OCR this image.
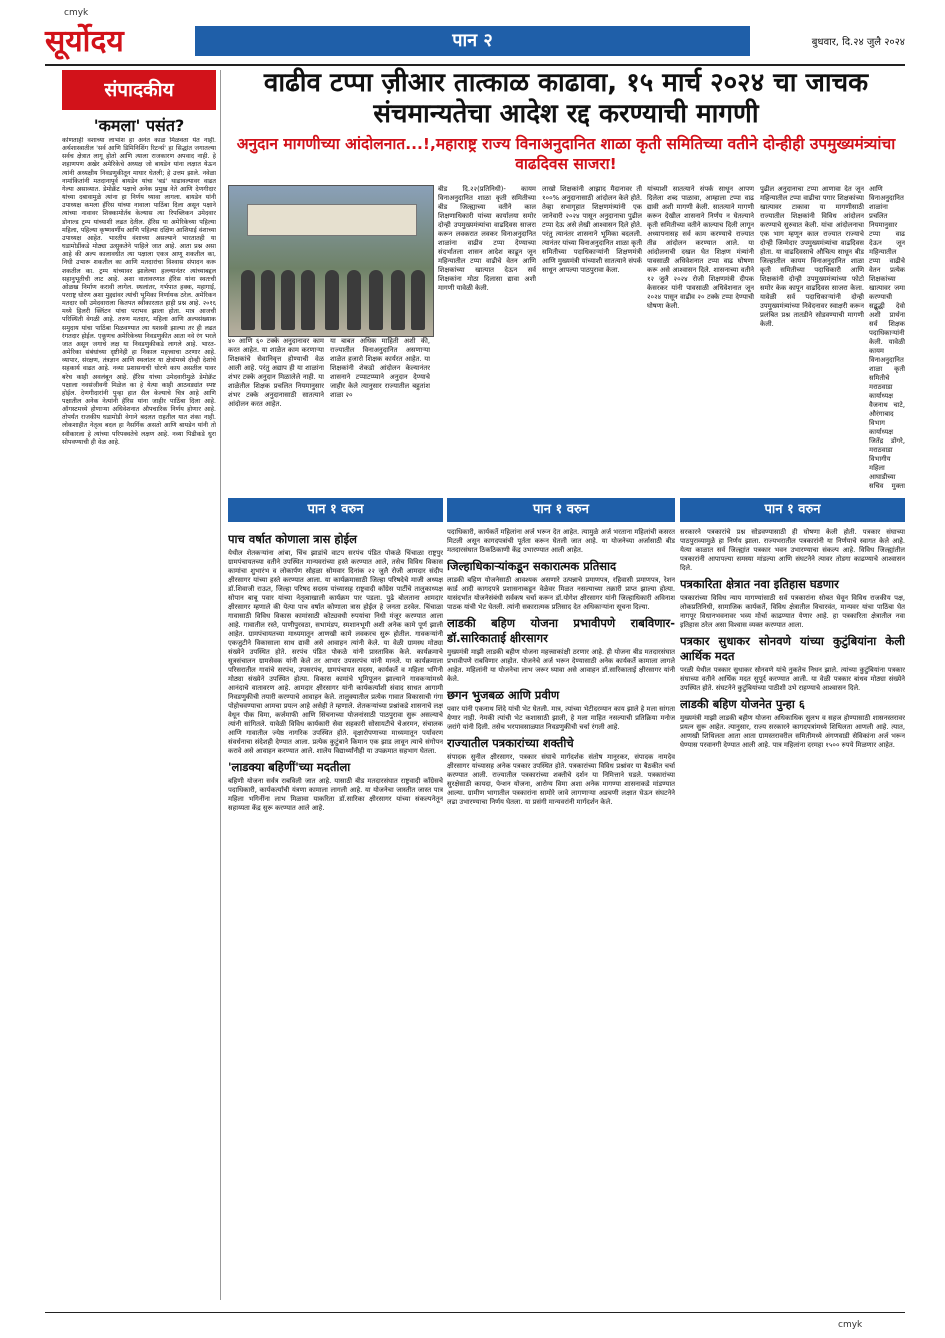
cmyk
सूर्योदय	पान २	बुधवार, दि.२४ जुलै २०२४
संपादकीय
'कमला' पसंत?
कोणताही वशाच्या लाभांश हा अनंत काळ मिळवता येत नाही. अर्थशास्त्रातील 'सर्व आणि डिमिनिशिंग रिटर्न्स' हा सिद्धांत जगातल्या सर्वच क्षेत्रात लागू होतो आणि त्याला राजकारण अपवाद नाही. हे शहाणपण अखेर अमेरिकेचे अध्यक्ष जो बायडेन यांना लक्षात येऊन त्यांनी अध्यक्षीय निवडणुकीतून माघार घेतली; हे उत्तम झाले. नवेळा नामांकितांनी मतदानापूर्व बायडेन यांचा 'बडं' थाढावल्यावर वाढत गेल्या असाव्यात. डेमोक्रॅट पक्षाचे अनेक प्रमुख नेते आणि देणगीदार यांच्या दबावामुळे त्यांना हा निर्णय घ्यावा लागला. बायडेन यांनी उपाध्यक्ष कमला हॅरिस यांच्या नावाला पाठिंबा दिला असून पक्षाने त्यांच्या नावावर शिक्कामोर्तब केल्यास त्या रिपब्लिकन उमेदवार डोनाल्ड ट्रम्प यांच्याशी लढत देतील. हॅरिस या अमेरिकेच्या पहिल्या महिला, पहिल्या कृष्णवर्णीय आणि पहिल्या दक्षिण आशियाई वंशाच्या उपाध्यक्ष आहेत. भारतीय वंशाच्या असल्याने भारतातही या घडामोडींकडे मोठ्या उत्सुकतेने पाहिले जात आहे. आता प्रश्न असा आहे की अल्प कालावधीत त्या पक्षाला एकत्र आणू शकतील का, निधी उभारू शकतील का आणि मतदारांचा विश्वास संपादन करू शकतील का. ट्रम्प यांच्यावर झालेल्या हल्ल्यानंतर त्यांच्याबद्दल सहानुभूतीची लाट आहे. अशा वातावरणात हॅरिस यांना स्वतःची ओळख निर्माण करावी लागेल. स्थलांतर, गर्भपात हक्क, महागाई, परराष्ट्र धोरण अशा मुद्द्यांवर त्यांची भूमिका निर्णायक ठरेल. अमेरिकन मतदार स्त्री उमेदवाराला कितपत स्वीकारतात हाही प्रश्न आहे. २०१६ मध्ये हिलरी क्लिंटन यांचा पराभव झाला होता. मात्र आजची परिस्थिती वेगळी आहे. तरुण मतदार, महिला आणि अल्पसंख्याक समुदाय यांचा पाठिंबा मिळवण्यात त्या यशस्वी झाल्या तर ही लढत रंगतदार होईल. एकूणच अमेरिकेच्या निवडणुकीत आता नवे रंग भरले जात असून जगाचे लक्ष या निवडणुकीकडे लागले आहे. भारत-अमेरिका संबंधांच्या दृष्टीनेही हा निकाल महत्त्वाचा ठरणार आहे. व्यापार, संरक्षण, तंत्रज्ञान आणि स्थलांतर या क्षेत्रांमध्ये दोन्ही देशांचे सहकार्य वाढत आहे. नव्या प्रशासनाची धोरणे काय असतील यावर बरेच काही अवलंबून आहे. हॅरिस यांच्या उमेदवारीमुळे डेमोक्रॅट पक्षाला नवसंजीवनी मिळेल का हे येत्या काही आठवड्यांत स्पष्ट होईल. देणगीदारांनी पुन्हा हात सैल केल्याचे चित्र आहे आणि पक्षातील अनेक नेत्यांनी हॅरिस यांना जाहीर पाठिंबा दिला आहे. ऑगस्टमध्ये होणाऱ्या अधिवेशनात औपचारिक निर्णय होणार आहे. तोपर्यंत राजकीय घडामोडी वेगाने बदलत राहतील यात शंका नाही. लोकशाहीत नेतृत्व बदल हा नैसर्गिक असतो आणि बायडेन यांनी तो स्वीकारला हे त्यांच्या परिपक्वतेचे लक्षण आहे. नव्या पिढीकडे धुरा सोपवण्याची ही वेळ आहे.
वाढीव टप्पा ज़ीआर तात्काळ काढावा, १५ मार्च २०२४ चा जाचक संचमान्यतेचा आदेश रद्द करण्याची मागणी
अनुदान मागणीच्या आंदोलनात...!,महाराष्ट्र राज्य विनाअनुदानित शाळा कृती समितिच्या वतीने दोन्हीही उपमुख्यमंत्र्यांचा वाढदिवस साजरा!
४० आणि ६० टक्के अनुदानावर काम करत आहेत. या शाळेत काम करणाऱ्या शिक्षकांचे सेवानिवृत्त होण्याची वेळ आली आहे. परंतु अद्याप ही या शाळांना शंभर टक्के अनुदान मिळालेले नाही. या शाळेतील शिक्षक प्रचलित नियमानुसार शंभर टक्के अनुदानासाठी सातत्याने आंदोलन करत आहेत.
या बाबत अधिक माहिती अशी की, राज्यातील विनाअनुदानित असणाऱ्या शाळेत हजारो शिक्षक कार्यरत आहेत. या शिक्षकांनी शेकडो आंदोलन केल्यानंतर शासनाने टप्पाटप्प्याने अनुदान देण्याचे जाहीर केले त्यानुसार राज्यातील बहुतांश शाळा २०
बीड दि.२२(प्रतिनिधी)- कायम विनाअनुदानित शाळा कृती समितीच्या बीड जिल्ह्याच्या वतीने काल शिक्षणाधिकारी यांच्या कार्यालया समोर दोन्ही उपमुख्यमंत्र्यांचा वाढदिवस साजरा करून लवकरात लवकर विनाअनुदानित शाळांना वाढीव टप्पा देण्याच्या संदर्भातला शासन आदेश काढून जून महिन्यातील टप्पा वाढीचे वेतन आणि शिक्षकांच्या खात्यात देऊन सर्व शिक्षकांना मोठा दिलासा द्यावा अशी मागणी यावेळी केली.
लाखो शिक्षकांनी आझाद मैदानावर ती १००% अनुदानासाठी आंदोलन केले होते. तेव्हा सभागृहात शिक्षणमंत्र्यांनी एक जानेवारी २०२४ पासून अनुदानाचा पुढील टप्पा देऊ असे लेखी आश्वासन दिले होते. परंतु त्यानंतर शासनाने भूमिका बदलली. त्यानंतर यांच्या विनाअनुदानित शाळा कृती समितीच्या पदाधिकाऱ्यांनी शिक्षणमंत्री आणि मुख्यमंत्री यांच्याशी सातत्याने संपर्क साधून आपल्या पाठपुरावा केला.
यांच्याशी सातत्याने संपर्क साधून आपण दिलेला शब्द पाळावा, आम्हाला टप्पा वाढ द्यावी अशी मागणी केली. सातत्याने मागणी करून देखील शासनाने निर्णय न घेतल्याने कृती समितीच्या वतीने काल्याच दिली लागून अध्यापनासह सर्व काम करण्याचे राज्यात तीव्र आंदोलन करण्यात आले. या आंदोलनाची दखल घेत शिक्षण मंत्र्यांनी पावसाळी अधिवेशनात टप्पा वाढ घोषणा करू असे आश्वासन दिले. शासनाच्या वतीने १२ जुलै २०२४ रोजी शिक्षणमंत्री दीपक केसरकर यांनी पावसाळी अधिवेशनात जून २०२४ पासून वाढीव २० टक्के टप्पा देण्याची घोषणा केली.
पुढील अनुदानाचा टप्पा आणावा देत जून महिन्यातील टप्पा वाढीचा पगार शिक्षकांच्या खात्यावर टाकावा या मागणीसाठी राज्यातील शिक्षकांनी विविध आंदोलन करण्याचे सुरुवात केली. यांचा आंदोलनाचा एक भाग म्हणून काल राज्यात राज्याचे दोन्ही जिम्मेदार उपमुख्यमंत्र्यांचा वाढदिवस होता. या वाढदिवसाचे औचित्य साधून बीड जिल्हातील कायम विनाअनुदानित शाळा कृती समितीच्या पदाधिकारी आणि शिक्षकांनी दोन्ही उपमुख्यमंत्र्यांच्या फोटो समोर केक कापून वाढदिवस साजरा केला. यावेळी सर्व पदाधिकाऱ्यांनी दोन्ही उपमुख्यमंत्र्यांच्या निवेदनावर स्वाक्षरी करून प्रलंबित प्रश्न तातडीने सोडवण्याची मागणी केली.
आणि विनाअनुदानित शाळांना प्रचलित नियमानुसार टप्पा वाढ देऊन जून महिन्यातील टप्पा वाढीचे वेतन प्रत्येक शिक्षकांच्या खात्यावर जमा करण्याची सद्बुद्धी देवो अशी प्रार्थना सर्व शिक्षक पदाधिकाऱ्यांनी केली. यावेळी कायम विनाअनुदानित शाळा कृती समितीचे मराठवाडा कार्याध्यक्ष वैजनाथ चाटे, औरंगाबाद विभाग कार्याध्यक्ष जितेंद्र डोंगरे, मराठवाडा विभागीय महिला आघाडीच्या सचिव मुक्ता
पान १ वरुन	पान १ वरुन	पान १ वरुन
पाच वर्षात कोणाला त्रास होईल
येथील शेतकऱ्यांना आंबा, चिंच झाडांचे वाटप सरपंच पंडित पोकळे चिंचाळा राष्ट्रपुर ग्रामपंचायतच्या वतीने उपस्थित मान्यवरांच्या हस्ते करण्यात आले, तसेच विविध विकास कामांचा शुभारंभ व लोकार्पण सोहळा सोमवार दिनांक २२ जुलै रोजी आमदार संदीप क्षीरसागर यांच्या हस्ते करण्यात आला. या कार्यक्रमासाठी जिल्हा परिषदेचे माजी अध्यक्ष डॉ.शिवाजी राऊत, जिल्हा परिषद सदस्य यांच्यासह राष्ट्रवादी काँग्रेस पार्टीचे तालुकाध्यक्ष सोपान बाबू पवार यांच्या नेतृत्वाखाली कार्यक्रम पार पडला. पुढे बोलताना आमदार क्षीरसागर म्हणाले की येत्या पाच वर्षात कोणाला त्रास होईल हे जनता ठरवेल. चिंचाळा गावासाठी विविध विकास कामांसाठी कोट्यवधी रुपयांचा निधी मंजूर करण्यात आला आहे. गावातील रस्ते, पाणीपुरवठा, सभामंडप, स्मशानभूमी अशी अनेक कामे पूर्ण झाली आहेत. ग्रामपंचायतच्या माध्यमातून आणखी कामे लवकरच सुरू होतील. गावकऱ्यांनी एकजुटीने विकासाला साथ द्यावी असे आवाहन त्यांनी केले. या वेळी ग्रामस्थ मोठ्या संख्येने उपस्थित होते. सरपंच पंडित पोकळे यांनी प्रास्ताविक केले. कार्यक्रमाचे सूत्रसंचालन ग्रामसेवक यांनी केले तर आभार उपसरपंच यांनी मानले. या कार्यक्रमाला परिसरातील गावांचे सरपंच, उपसरपंच, ग्रामपंचायत सदस्य, कार्यकर्ते व महिला भगिनी मोठ्या संख्येने उपस्थित होत्या. विकास कामांचे भूमिपूजन झाल्याने गावकऱ्यांमध्ये आनंदाचे वातावरण आहे. आमदार क्षीरसागर यांनी कार्यकर्त्यांशी संवाद साधत आगामी निवडणुकीची तयारी करण्याचे आवाहन केले. तालुक्यातील प्रत्येक गावात विकासाची गंगा पोहोचवण्याचा आमचा प्रयत्न आहे असेही ते म्हणाले. शेतकऱ्यांच्या प्रश्नांकडे शासनाचे लक्ष वेधून पीक विमा, कर्जमाफी आणि सिंचनाच्या योजनांसाठी पाठपुरावा सुरू असल्याचे त्यांनी सांगितले. यावेळी विविध कार्यकारी सेवा सहकारी सोसायटीचे चेअरमन, संचालक आणि गावातील ज्येष्ठ नागरिक उपस्थित होते. वृक्षारोपणाच्या माध्यमातून पर्यावरण संवर्धनाचा संदेशही देण्यात आला. प्रत्येक कुटुंबाने किमान एक झाड लावून त्याचे संगोपन करावे असे आवाहन करण्यात आले. शालेय विद्यार्थ्यांनीही या उपक्रमात सहभाग घेतला.
'लाडक्या बहिणीं'च्या मदतीला
बहिणी योजना सर्वत्र राबविली जात आहे. यासाठी बीड मतदारसंघात राष्ट्रवादी काँग्रेसचे पदाधिकारी, कार्यकर्त्यांची यंत्रणा कामाला लागली आहे. या योजनेचा जास्तीत जास्त पात्र महिला भगिनींना लाभ मिळावा याकरिता डॉ.सारिका क्षीरसागर यांच्या संकल्पनेतून सहाय्यता केंद्र सुरू करण्यात आले आहे.
पदाधिकारी, कार्यकर्ते महिलांना अर्ज भरून देत आहेत. त्यामुळे अर्ज भरताना महिलांची कसरत मिटली असून कागदपत्रांची पूर्तता करून घेतली जात आहे. या योजनेच्या अर्जासाठी बीड मतदारसंघात ठिकठिकाणी केंद्र उभारण्यात आली आहेत.
जिल्हाधिकाऱ्यांकडून सकारात्मक प्रतिसाद
लाडकी बहिण योजनेसाठी आवश्यक असणारे उत्पन्नाचे प्रमाणपत्र, रहिवासी प्रमाणपत्र, रेशन कार्ड आदी कागदपत्रे प्रशासनाकडून वेळेवर मिळत नसल्याच्या तक्रारी प्राप्त झाल्या होत्या. यासंदर्भात योजनेसंबंधी सर्वकष चर्चा करून डॉ.योगेश क्षीरसागर यांनी जिल्हाधिकारी अविनाश पाठक यांची भेट घेतली. त्यांनी सकारात्मक प्रतिसाद देत अधिकाऱ्यांना सूचना दिल्या.
लाडकी बहिण योजना प्रभावीपणे राबविणार-डॉ.सारिकाताई क्षीरसागर
मुख्यमंत्री माझी लाडकी बहीण योजना महत्त्वाकांक्षी ठरणार आहे. ही योजना बीड मतदारसंघात प्रभावीपणे राबविणार आहोत. योजनेचे अर्ज भरून देण्यासाठी अनेक कार्यकर्ते कामाला लागले आहेत. महिलांनी या योजनेचा लाभ जरूर घ्यावा असे आवाहन डॉ.सारिकाताई क्षीरसागर यांनी केले.
छगन भुजबळ आणि प्रवीण
पवार यांनी एकनाथ शिंदे यांची भेट घेतली. मात्र, त्यांच्या भेटीदरम्यान काय झाले हे मला सांगता येणार नाही. नेमकी त्यांची भेट कशासाठी झाली, हे मला माहित नसल्याची प्रतिक्रिया मनोज जरांगे यांनी दिली. तसेच भरपावसाळ्यात निवडणुकीची चर्चा रंगली आहे.
राज्यातील पत्रकारांच्या शक्तीचे
संपादक सुनील क्षीरसागर, पत्रकार संघाचे मार्गदर्शक संतोष मानूरकर, संपादक नामदेव क्षीरसागर यांच्यासह अनेक पत्रकार उपस्थित होते. पत्रकारांच्या विविध प्रश्नांवर या बैठकीत चर्चा करण्यात आली. राज्यातील पत्रकारांच्या शक्तीचे दर्शन या निमित्ताने घडले. पत्रकारांच्या सुरक्षेसाठी कायदा, पेन्शन योजना, आरोग्य विमा अशा अनेक मागण्या शासनाकडे मांडण्यात आल्या. ग्रामीण भागातील पत्रकारांना सामोरे जावे लागणाऱ्या अडचणी लक्षात घेऊन संघटनेने लढा उभारण्याचा निर्णय घेतला. या प्रसंगी मान्यवरांनी मार्गदर्शन केले.
सरकारने पत्रकारांचे प्रश्न सोडवण्यासाठी ही घोषणा केली होती. पत्रकार संघाच्या पाठपुराव्यामुळे हा निर्णय झाला. राज्यभरातील पत्रकारांनी या निर्णयाचे स्वागत केले आहे. येत्या काळात सर्व जिल्ह्यांत पत्रकार भवन उभारण्याचा संकल्प आहे. विविध जिल्ह्यांतील पत्रकारांनी आपापल्या समस्या मांडल्या आणि संघटनेने त्यावर तोडगा काढण्याचे आश्वासन दिले.
पत्रकारिता क्षेत्रात नवा इतिहास घडणार
पत्रकारांच्या विविध न्याय मागण्यांसाठी सर्व पत्रकारांना सोबत घेवून विविध राजकीय पक्ष, लोकप्रतिनिधी, सामाजिक कार्यकर्ते, विविध क्षेत्रातील विचारवंत, मान्यवर यांचा पाठिंबा घेत नागपूर विधानभवनावर भव्य मोर्चा काढण्यात येणार आहे. हा पत्रकारिता क्षेत्रातील नवा इतिहास ठरेल असा विश्वास व्यक्त करण्यात आला.
पत्रकार सुधाकर सोनवणे यांच्या कुटुंबियांना केली आर्थिक मदत
परळी येथील पत्रकार सुधाकर सोनवणे यांचे नुकतेच निधन झाले. त्यांच्या कुटुंबियांना पत्रकार संघाच्या वतीने आर्थिक मदत सुपूर्द करण्यात आली. या वेळी पत्रकार बांधव मोठ्या संख्येने उपस्थित होते. संघटनेने कुटुंबियांच्या पाठीशी उभे राहण्याचे आश्वासन दिले.
लाडकी बहिण योजनेत पुन्हा ६
मुख्यमंत्री माझी लाडकी बहीण योजना अधिकाधिक सुलभ व सहज होण्यासाठी शासनस्तरावर प्रयत्न सुरू आहेत. त्यानुसार, राज्य सरकारने कागदपत्रांमध्ये शिथिलता आणली आहे. त्यात, आणखी शिथिलता आता आता ग्रामस्तरावरील समितीमध्ये अंगणवाडी सेविकांना अर्ज भरून घेण्यास परवानगी देण्यात आली आहे. पात्र महिलांना दरमहा १५०० रुपये मिळणार आहेत.
cmyk
